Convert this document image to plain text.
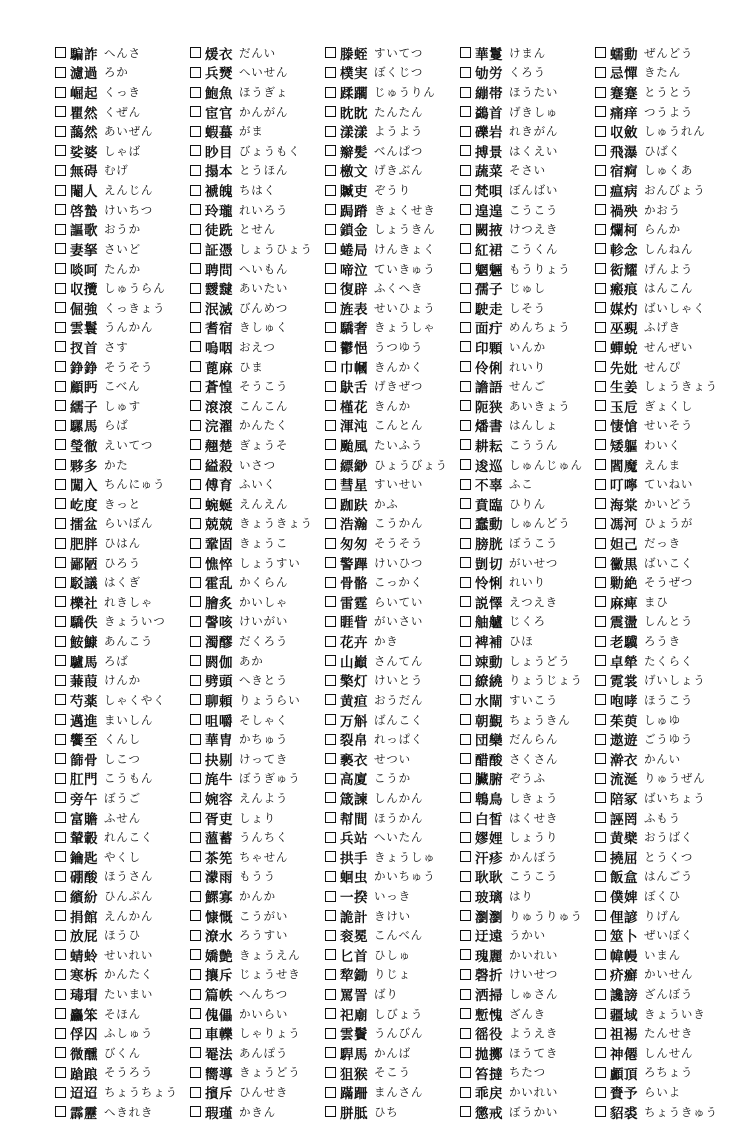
騙詐 へんさ
濾過 ろか
崛起 くっき
瞿然 くぜん
藹然 あいぜん
娑婆 しゃば
無碍 むげ
閹人 えんじん
啓蟄 けいちつ
謳歌 おうか
妻拏 さいど
啖呵 たんか
収攬 しゅうらん
倔強 くっきょう
雲鬟 うんかん
扠首 さす
錚錚 そうそう
顧眄 こべん
繻子 しゅす
騾馬 らば
瑩徹 えいてつ
夥多 かた
闖入 ちんにゅう
屹度 きっと
擂盆 らいぼん
肥胖 ひはん
鄙陋 ひろう
駁議 はくぎ
櫟社 れきしゃ
驕佚 きょういつ
鮟鱇 あんこう
驢馬 ろば
蒹葭 けんか
芍薬 しゃくやく
邁進 まいしん
饗至 くんし
篩骨 しこつ
肛門 こうもん
旁午 ぼうご
富贍 ふせん
輦轂 れんこく
鑰匙 やくし
硼酸 ほうさん
繽紛 ひんぷん
捐館 えんかん
放屁 ほうひ
蜻蛉 せいれい
寒柝 かんたく
瑇瑁 たいまい
麤笨 そほん
俘囚 ふしゅう
微醺 びくん
蹌踉 そうろう
迢迢 ちょうちょう
霹靂 へきれき
煖衣 だんい
兵燹 へいせん
鮑魚 ほうぎょ
宦官 かんがん
蝦蟇 がま
眇目 びょうもく
搨本 とうほん
褫魄 ちはく
玲瓏 れいろう
徒跣 とせん
証憑 しょうひょう
聘問 へいもん
靉靆 あいたい
泯滅 びんめつ
耆宿 きしゅく
嗚咽 おえつ
蓖麻 ひま
蒼惶 そうこう
滾滾 こんこん
浣濯 かんたく
翹楚 ぎょうそ
縊殺 いさつ
傅育 ふいく
蜿蜒 えんえん
兢兢 きょうきょう
鞏固 きょうこ
憔悴 しょうすい
霍乱 かくらん
膾炙 かいしゃ
謦咳 けいがい
濁醪 だくろう
閼伽 あか
劈頭 へきとう
聊頼 りょうらい
咀嚼 そしゃく
華胄 かちゅう
抉剔 けってき
旄牛 ぼうぎゅう
婉容 えんよう
胥吏 しょり
薀蓄 うんちく
茶筅 ちゃせん
濛雨 もうう
鰥寡 かんか
慷慨 こうがい
潦水 ろうすい
嬌艶 きょうえん
攘斥 じょうせき
篇帙 へんちつ
傀儡 かいらい
車轢 しゃりょう
罨法 あんぽう
嚮導 きょうどう
擯斥 ひんせき
瑕瑾 かきん
滕蛭 すいてつ
樸実 ぼくじつ
蹂躙 じゅうりん
眈眈 たんたん
漾漾 ようよう
辮髪 べんぱつ
檄文 げきぶん
贓吏 ぞうり
跼蹐 きょくせき
鎖金 しょうきん
蜷局 けんきょく
啼泣 ていきゅう
復辟 ふくへき
旌表 せいひょう
驕奢 きょうしゃ
鬱悒 うつゆう
巾幗 きんかく
鴃舌 げきぜつ
槿花 きんか
渾沌 こんとん
颱風 たいふう
縹緲 ひょうびょう
彗星 すいせい
跏趺 かふ
浩瀚 こうかん
匆匆 そうそう
警蹕 けいひつ
骨骼 こっかく
雷霆 らいてい
睚眥 がいさい
花卉 かき
山巓 さんてん
檠灯 けいとう
黄疸 おうだん
万斛 ばんこく
裂帛 れっぱく
褻衣 せつい
高廈 こうか
箴諫 しんかん
幇間 ほうかん
兵站 へいたん
拱手 きょうしゅ
蛔虫 かいちゅう
一揆 いっき
詭計 きけい
衮冕 こんべん
匕首 ひしゅ
犂鋤 りじょ
罵詈 ばり
祀廟 しびょう
雲鬢 うんびん
駻馬 かんば
狙猴 そこう
蹣跚 まんさん
胼胝 ひち
華鬘 けまん
劬労 くろう
繃帯 ほうたい
鷁首 げきしゅ
礫岩 れきがん
搏景 はくえい
蔬菜 そさい
梵唄 ぼんばい
遑遑 こうこう
闕掖 けつえき
紅裙 こうくん
魍魎 もうりょう
孺子 じゅし
駛走 しそう
面疔 めんちょう
印顆 いんか
伶俐 れいり
譫語 せんご
阨狭 あいきょう
燔書 はんしょ
耕耘 こううん
逡巡 しゅんじゅん
不辜 ふこ
賁臨 ひりん
蠢動 しゅんどう
膀胱 ぼうこう
剴切 がいせつ
怜悧 れいり
説懌 えつえき
舳艫 じくろ
裨補 ひほ
竦動 しょうどう
繚繞 りょうじょう
水閘 すいこう
朝覲 ちょうきん
団欒 だんらん
醋酸 さくさん
臟腑 ぞうふ
鵯鳥 しきょう
白皙 はくせき
嫪娌 しょうり
汗疹 かんぼう
耿耿 こうこう
玻璃 はり
瀏瀏 りゅうりゅう
迂遠 うかい
瑰麗 かいれい
磬折 けいせつ
洒掃 しゅさん
慙愧 ざんき
徭役 ようえき
拋擲 ほうてき
笞撻 ちたつ
乖戻 かいれい
懲戒 ぼうかい
蠕動 ぜんどう
忌憚 きたん
蹇蹇 とうとう
痛痒 つうよう
収斂 しゅうれん
飛瀑 ひばく
宿痾 しゅくあ
瘟病 おんびょう
禍殃 かおう
爛柯 らんか
軫念 しんねん
衒耀 げんよう
瘢痕 はんこん
媒灼 ばいしゃく
巫覡 ふげき
蟬蛻 せんぜい
先妣 せんぴ
生姜 しょうきょう
玉卮 ぎょくし
悽愴 せいそう
矮軀 わいく
閻魔 えんま
叮嚀 ていねい
海棠 かいどう
馮河 ひょうが
妲己 だっき
黴黒 ばいこく
勦絶 そうぜつ
麻痺 まひ
震盪 しんとう
老驥 ろうき
卓犖 たくらく
霓裳 げいしょう
咆哮 ほうこう
茱萸 しゅゆ
遨遊 ごうゆう
澣衣 かんい
流涎 りゅうぜん
陪冢 ばいちょう
誣罔 ふもう
黄檗 おうばく
撓屈 とうくつ
飯盒 はんごう
僕婢 ぼくひ
俚諺 りげん
筮卜 ぜいぼく
幃幔 いまん
疥癬 かいせん
讒謗 ざんぼう
疆域 きょういき
祖裼 たんせき
神僊 しんせん
顱頂 ろちょう
賚予 らいよ
貂裘 ちょうきゅう
